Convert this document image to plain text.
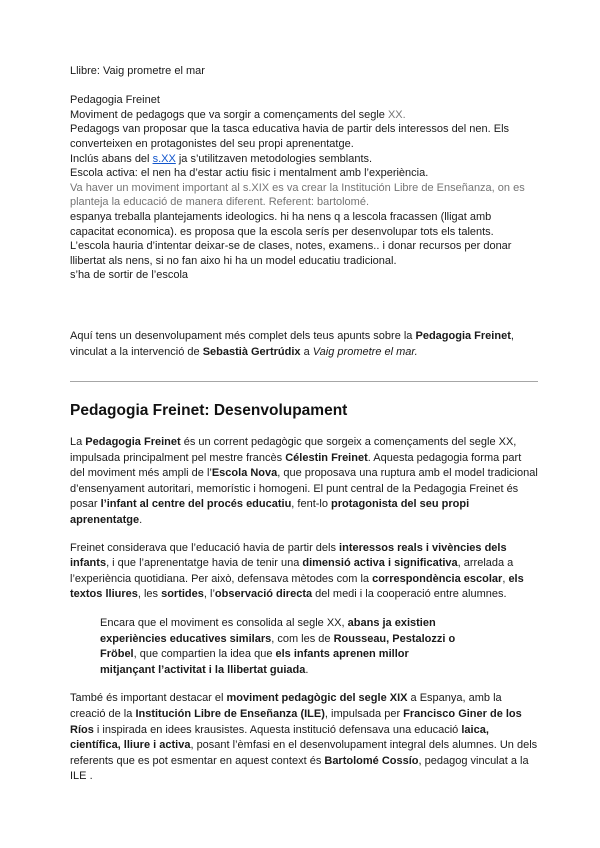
Llibre: Vaig prometre el mar

Pedagogia Freinet

Moviment de pedagogs que va sorgir a començaments del segle XX.

Pedagogs van proposar que la tasca educativa havia de partir dels interessos del nen. Els converteixen en protagonistes del seu propi aprenentatge.

Inclús abans del s.XX ja s’utilitzaven metodologies semblants.

Escola activa: el nen ha d’estar actiu fisic i mentalment amb l’experiència.

Va haver un moviment important al s.XIX es va crear la Institución Libre de Enseñanza, on es planteja la educació de manera diferent. Referent: bartolomé.

espanya treballa plantejaments ideologics. hi ha nens q a lescola fracassen (lligat amb capacitat economica). es proposa que la escola serís per desenvolupar tots els talents.

L’escola hauria d’intentar deixar-se de clases, notes, examens.. i donar recursos per donar llibertat als nens, si no fan aixo hi ha un model educatiu tradicional.

s’ha de sortir de l’escola

Aquí tens un desenvolupament més complet dels teus apunts sobre la Pedagogia Freinet, vinculat a la intervenció de Sebastià Gertrúdix a Vaig prometre el mar.

Pedagogia Freinet: Desenvolupament

La Pedagogia Freinet és un corrent pedagògic que sorgeix a començaments del segle XX, impulsada principalment pel mestre francès Célestin Freinet. Aquesta pedagogia forma part del moviment més ampli de l’Escola Nova, que proposava una ruptura amb el model tradicional d’ensenyament autoritari, memorístic i homogeni. El punt central de la Pedagogia Freinet és posar l’infant al centre del procés educatiu, fent-lo protagonista del seu propi aprenentatge.

Freinet considerava que l’educació havia de partir dels interessos reals i vivències dels infants, i que l’aprenentatge havia de tenir una dimensió activa i significativa, arrelada a l’experiència quotidiana. Per això, defensava mètodes com la correspondència escolar, els textos lliures, les sortides, l’observació directa del medi i la cooperació entre alumnes.

Encara que el moviment es consolida al segle XX, abans ja existien experiències educatives similars, com les de Rousseau, Pestalozzi o Fröbel, que compartien la idea que els infants aprenen millor mitjançant l’activitat i la llibertat guiada.

També és important destacar el moviment pedagògic del segle XIX a Espanya, amb la creació de la Institución Libre de Enseñanza (ILE), impulsada per Francisco Giner de los Ríos i inspirada en idees krausistes. Aquesta institució defensava una educació laica, científica, lliure i activa, posant l’èmfasi en el desenvolupament integral dels alumnes. Un dels referents que es pot esmentar en aquest context és Bartolomé Cossío, pedagog vinculat a la ILE .
